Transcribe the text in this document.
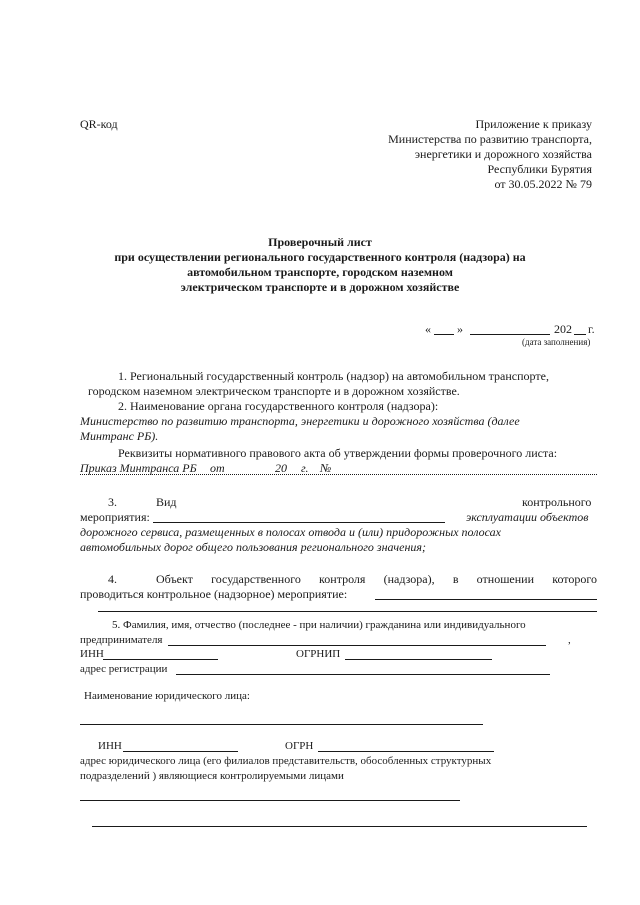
QR-код	Приложение к приказу
Министерства по развитию транспорта,
энергетики и дорожного хозяйства
Республики Бурятия
от 30.05.2022 № 79
Проверочный лист
при осуществлении регионального государственного контроля (надзора) на
автомобильном транспорте, городском наземном
электрическом транспорте и в дорожном хозяйстве
« »	202 г.
(дата заполнения)
1. Региональный государственный контроль (надзор) на автомобильном транспорте,
городском наземном электрическом транспорте и в дорожном хозяйстве.
2. Наименование органа государственного контроля (надзора):
Министерство по развитию транспорта, энергетики и дорожного хозяйства (далее
Минтранс РБ).
Реквизиты нормативного правового акта об утверждении формы проверочного листа:
Приказ Минтранса РБ от	20 г. №
3.	Вид	контрольного
мероприятия:	эксплуатации объектов
дорожного сервиса, размещенных в полосах отвода и (или) придорожных полосах
автомобильных дорог общего пользования регионального значения;
4.	Объект государственного контроля (надзора), в отношении которого
проводиться контрольное (надзорное) мероприятие:
5. Фамилия, имя, отчество (последнее - при наличии) гражданина или индивидуального
предпринимателя	,
ИНН	ОГРНИП
адрес регистрации
Наименование юридического лица:
ИНН	ОГРН
адрес юридического лица (его филиалов представительств, обособленных структурных
подразделений ) являющиеся контролируемыми лицами
